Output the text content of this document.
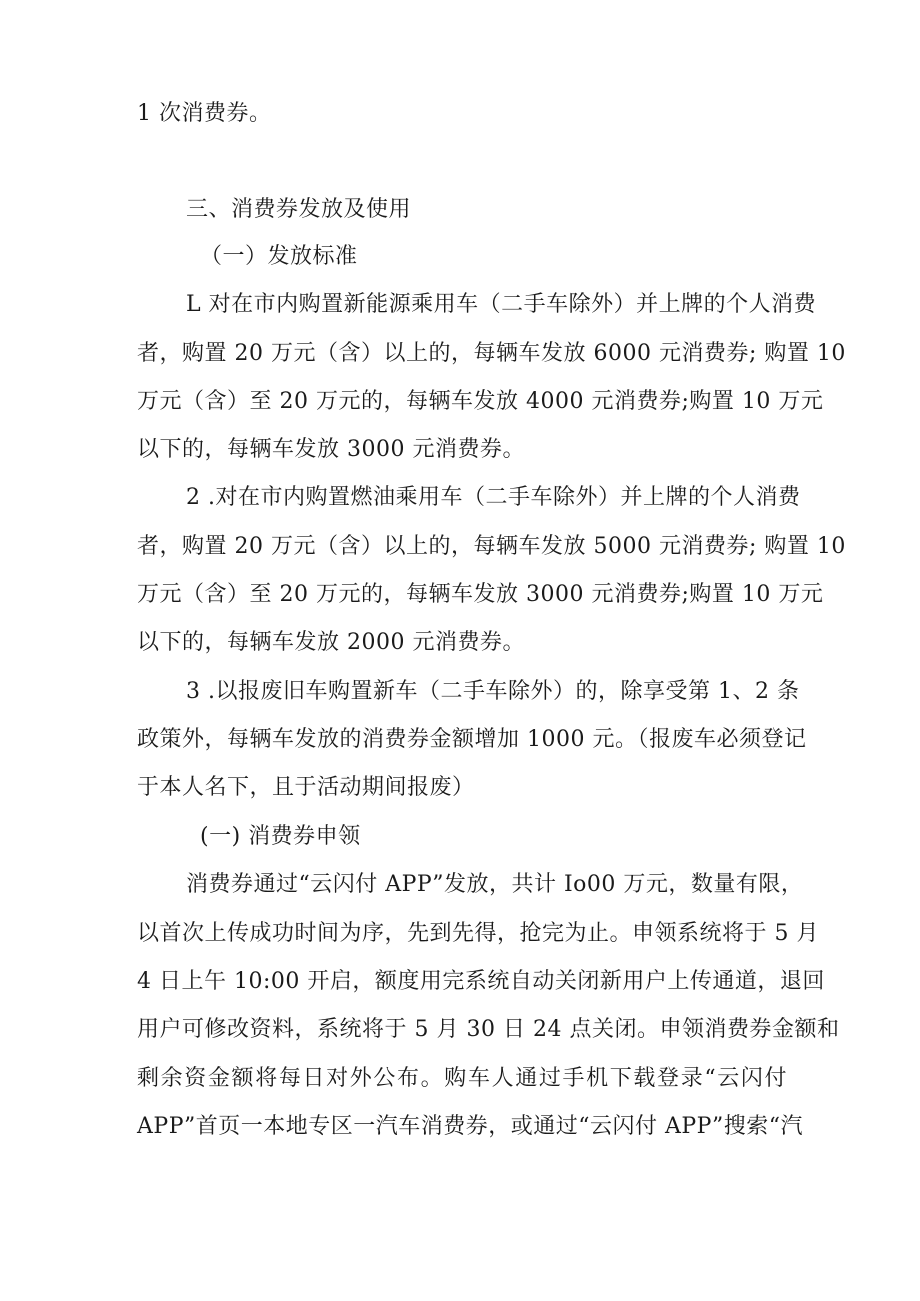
1 次消费券。
三、消费券发放及使用
（一）发放标准
L 对在市内购置新能源乘用车（二手车除外）并上牌的个人消费
者，购置 20 万元（含）以上的，每辆车发放 6000 元消费券; 购置 10
万元（含）至 20 万元的，每辆车发放 4000 元消费券;购置 10 万元
以下的，每辆车发放 3000 元消费券。
2 .对在市内购置燃油乘用车（二手车除外）并上牌的个人消费
者，购置 20 万元（含）以上的，每辆车发放 5000 元消费券; 购置 10
万元（含）至 20 万元的，每辆车发放 3000 元消费券;购置 10 万元
以下的，每辆车发放 2000 元消费券。
3 .以报废旧车购置新车（二手车除外）的，除享受第 1、2 条
政策外，每辆车发放的消费券金额增加 1000 元。（报废车必须登记
于本人名下，且于活动期间报废）
(一) 消费券申领
消费券通过“云闪付 APP”发放，共计 Io00 万元，数量有限，
以首次上传成功时间为序，先到先得，抢完为止。申领系统将于 5 月
4 日上午 10:00 开启，额度用完系统自动关闭新用户上传通道，退回
用户可修改资料，系统将于 5 月 30 日 24 点关闭。申领消费券金额和
剩余资金额将每日对外公布。购车人通过手机下载登录“云闪付
APP”首页一本地专区一汽车消费券，或通过“云闪付 APP”搜索“汽
